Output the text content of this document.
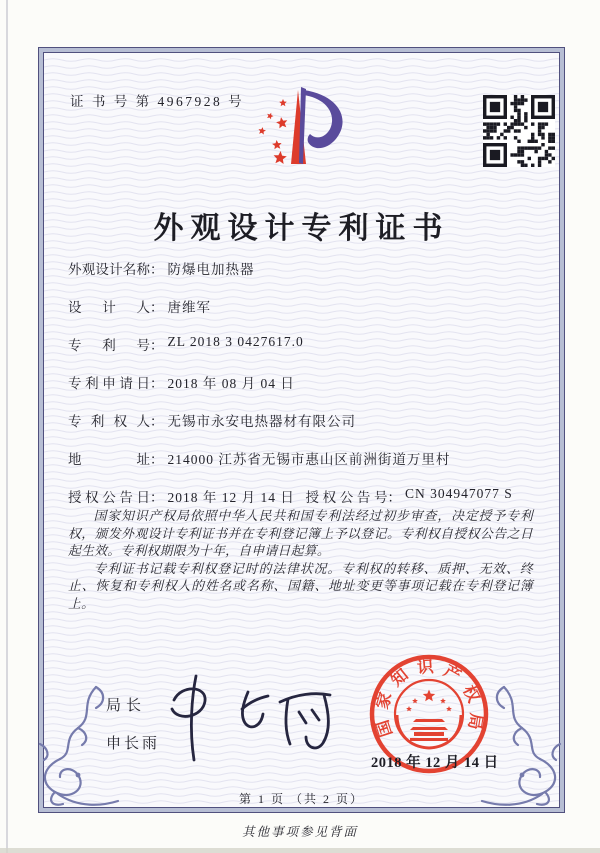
证 书 号 第 4967928 号
外观设计专利证书
外观设计名称 ： 防爆电加热器
设 计 人 ： 唐维军
专 利 号 ： ZL 2018 3 0427617.0
专利申请日 ： 2018 年 08 月 04 日
专 利 权 人 ： 无锡市永安电热器材有限公司
地 址 ： 214000 江苏省无锡市惠山区前洲街道万里村
授权公告日 ： 2018 年 12 月 14 日 授权公告号 ： CN 304947077 S

国家知识产权局依照中华人民共和国专利法经过初步审查，决定授予专利权，颁发外观设计专利证书并在专利登记簿上予以登记。专利权自授权公告之日起生效。专利权期限为十年，自申请日起算。

专利证书记载专利权登记时的法律状况。专利权的转移、质押、无效、终止、恢复和专利权人的姓名或名称、国籍、地址变更等事项记载在专利登记簿上。

局长
申长雨
国
家
知 识 产
权
局
2018 年 12 月 14 日
第 1 页 （共 2 页）
其他事项参见背面
